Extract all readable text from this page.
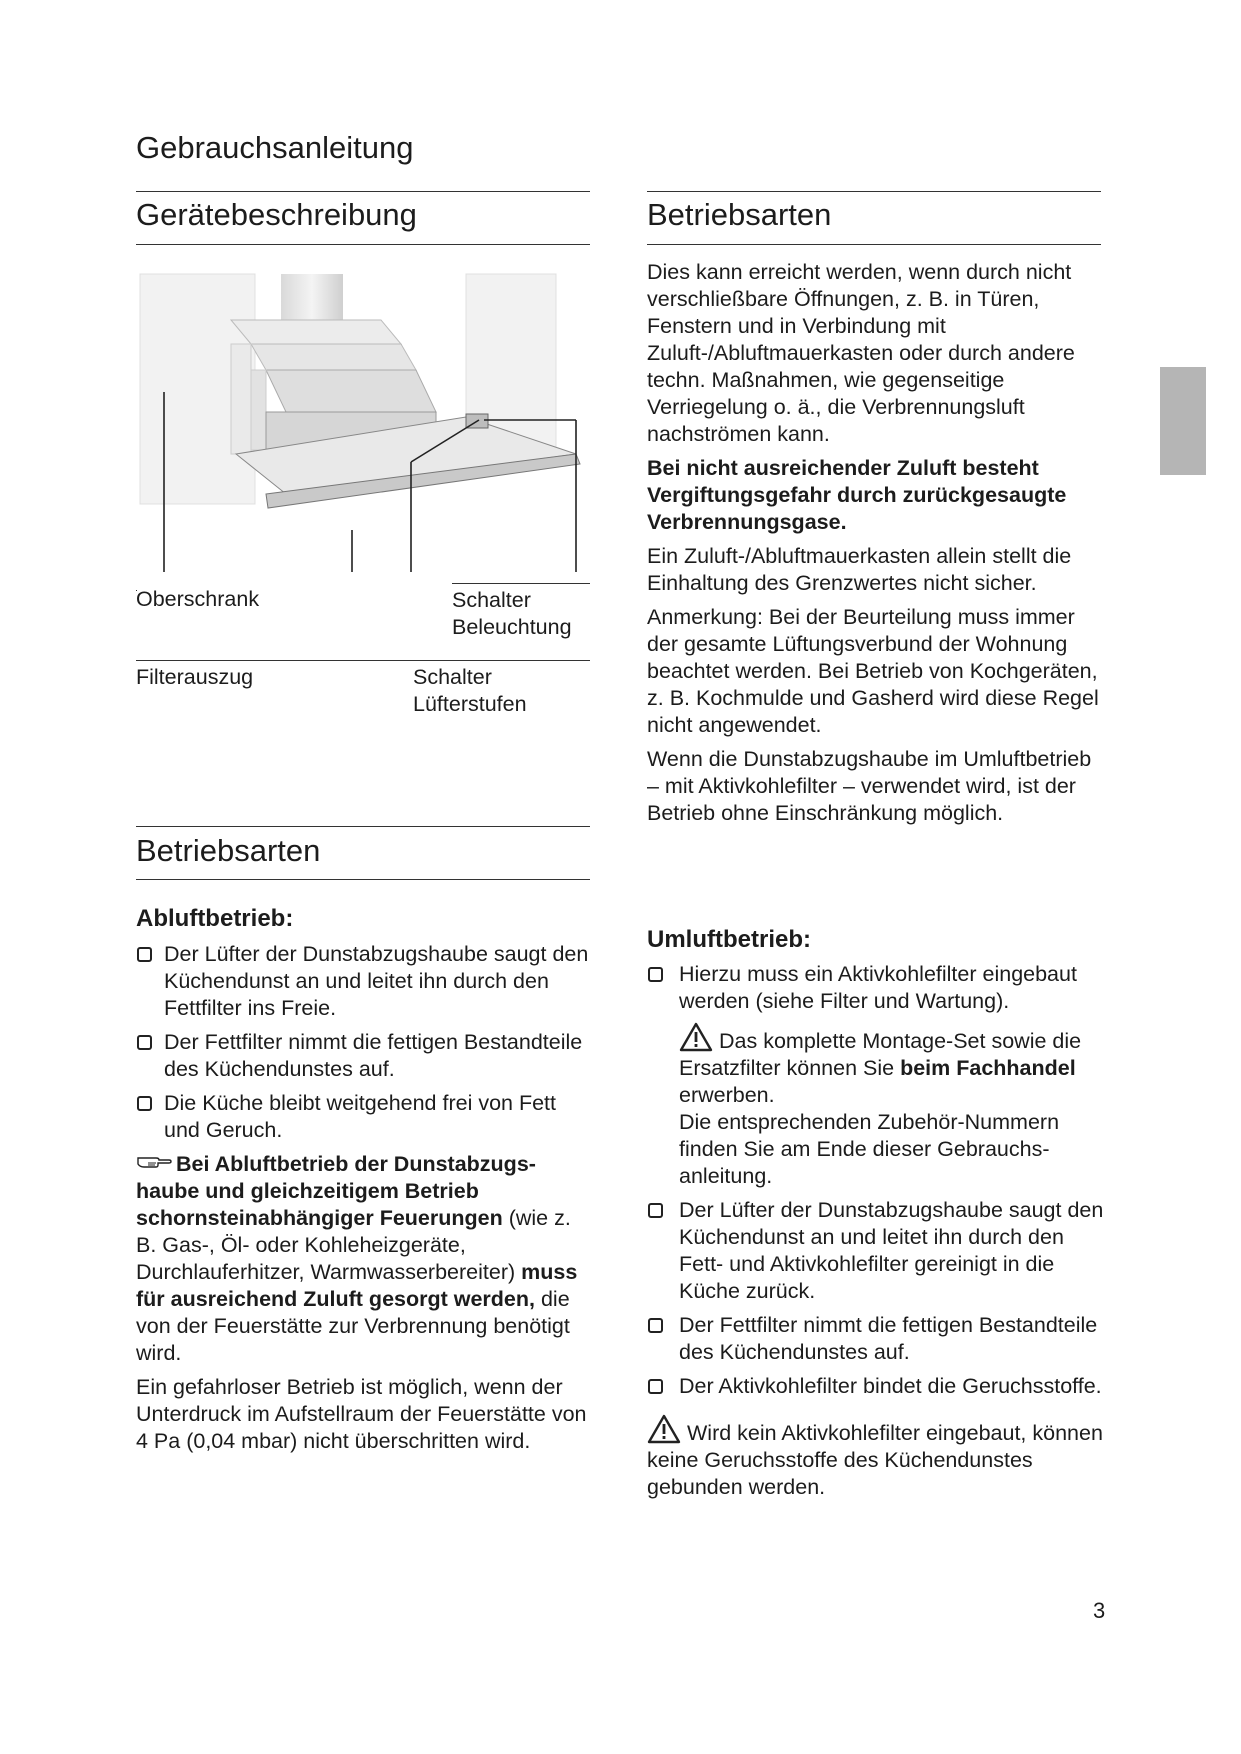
Gebrauchsanleitung
Gerätebeschreibung
Oberschrank	Schalter
Beleuchtung
Filterauszug	Schalter
Lüfterstufen
Betriebsarten
Abluftbetrieb:
Der Lüfter der Dunstabzugshaube saugt den Küchendunst an und leitet ihn durch den Fettfilter ins Freie.
Der Fettfilter nimmt die fettigen Bestandteile des Küchendunstes auf.
Die Küche bleibt weitgehend frei von Fett und Geruch.

Bei Abluftbetrieb der Dunstabzugshaube und gleichzeitigem Betrieb schornsteinabhängiger Feuerungen (wie z. B. Gas-, Öl- oder Kohleheizgeräte, Durchlauferhitzer, Warmwasserbereiter) muss für ausreichend Zuluft gesorgt werden, die von der Feuerstätte zur Verbrennung benötigt wird.

Ein gefahrloser Betrieb ist möglich, wenn der Unterdruck im Aufstellraum der Feuerstätte von 4 Pa (0,04 mbar) nicht überschritten wird.

Betriebsarten

Dies kann erreicht werden, wenn durch nicht verschließbare Öffnungen, z. B. in Türen, Fenstern und in Verbindung mit Zuluft-/Abluftmauerkasten oder durch andere techn. Maßnahmen, wie gegenseitige Verriegelung o. ä., die Verbrennungsluft nachströmen kann.

Bei nicht ausreichender Zuluft besteht Vergiftungsgefahr durch zurückgesaugte Verbrennungsgase.

Ein Zuluft-/Abluftmauerkasten allein stellt die Einhaltung des Grenzwertes nicht sicher.

Anmerkung: Bei der Beurteilung muss immer der gesamte Lüftungsverbund der Wohnung beachtet werden. Bei Betrieb von Kochgeräten, z. B. Kochmulde und Gasherd wird diese Regel nicht angewendet.

Wenn die Dunstabzugshaube im Umluftbetrieb – mit Aktivkohlefilter – verwendet wird, ist der Betrieb ohne Einschränkung möglich.

Umluftbetrieb:
Hierzu muss ein Aktivkohlefilter eingebaut werden (siehe Filter und Wartung).

Das komplette Montage-Set sowie die Ersatzfilter können Sie beim Fachhandel erwerben.

Die entsprechenden Zubehör-Nummern finden Sie am Ende dieser Gebrauchsanleitung.

Der Lüfter der Dunstabzugshaube saugt den Küchendunst an und leitet ihn durch den Fett- und Aktivkohlefilter gereinigt in die Küche zurück.
Der Fettfilter nimmt die fettigen Bestandteile des Küchendunstes auf.
Der Aktivkohlefilter bindet die Geruchsstoffe.

Wird kein Aktivkohlefilter eingebaut, können keine Geruchsstoffe des Küchendunstes gebunden werden.

3
